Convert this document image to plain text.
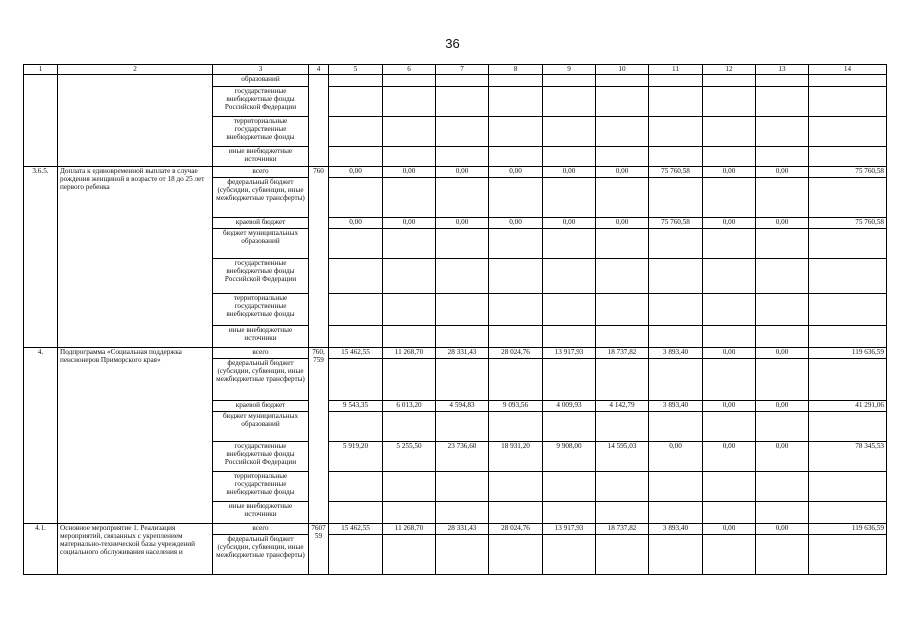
36
1	2	3	4	5	6	7	8	9	10	11	12	13	14
		образований											
		государственные внебюджетные фонды Российской Федерации											
		территориальные государственные внебюджетные фонды											
		иные внебюджетные источники											
3.6.5.	Доплата к единовременной выплате в случае рождения женщиной в возрасте от 18 до 25 лет первого ребенка	всего	760	0,00	0,00	0,00	0,00	0,00	0,00	75 760,58	0,00	0,00	75 760,58
		федеральный бюджет (субсидии, субвенции, иные межбюджетные трансферты)											
		краевой бюджет		0,00	0,00	0,00	0,00	0,00	0,00	75 760,58	0,00	0,00	75 760,58
		бюджет муниципальных образований											
		государственные внебюджетные фонды Российской Федерации											
		территориальные государственные внебюджетные фонды											
		иные внебюджетные источники											
4.	Подпрограмма «Социальная поддержка пенсионеров Приморского края»	всего	760, 759	15 462,55	11 268,70	28 331,43	28 024,76	13 917,93	18 737,82	3 893,40	0,00	0,00	119 636,59
		федеральный бюджет (субсидии, субвенции, иные межбюджетные трансферты)											
		краевой бюджет		9 543,35	6 013,20	4 594,83	9 093,56	4 009,93	4 142,79	3 893,40	0,00	0,00	41 291,06
		бюджет муниципальных образований											
		государственные внебюджетные фонды Российской Федерации		5 919,20	5 255,50	23 736,60	18 931,20	9 908,00	14 595,03	0,00	0,00	0,00	78 345,53
		территориальные государственные внебюджетные фонды											
		иные внебюджетные источники											
4.1.	Основное мероприятие 1. Реализация мероприятий, связанных с укреплением материально-технической базы учреждений социального обслуживания населения и	всего	7607 59	15 462,55	11 268,70	28 331,43	28 024,76	13 917,93	18 737,82	3 893,40	0,00	0,00	119 636,59
		федеральный бюджет (субсидии, субвенции, иные межбюджетные трансферты)											
